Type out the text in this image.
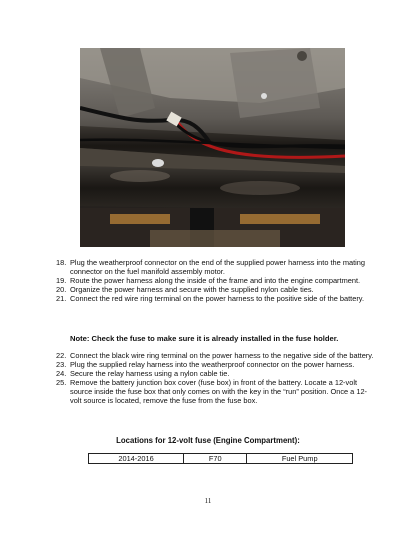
18. Plug the weatherproof connector on the end of the supplied power harness into the mating connector on the fuel manifold assembly motor.
19. Route the power harness along the inside of the frame and into the engine compartment.
20. Organize the power harness and secure with the supplied nylon cable ties.
21. Connect the red wire ring terminal on the power harness to the positive side of the battery.
Note: Check the fuse to make sure it is already installed in the fuse holder.
22. Connect the black wire ring terminal on the power harness to the negative side of the battery.
23. Plug the supplied relay harness into the weatherproof connector on the power harness.
24. Secure the relay harness using a nylon cable tie.
25. Remove the battery junction box cover (fuse box) in front of the battery. Locate a 12-volt source inside the fuse box that only comes on with the key in the “run” position. Once a 12-volt source is located, remove the fuse from the fuse box.
Locations for 12-volt fuse (Engine Compartment):
2014-2016	F70	Fuel Pump
11
